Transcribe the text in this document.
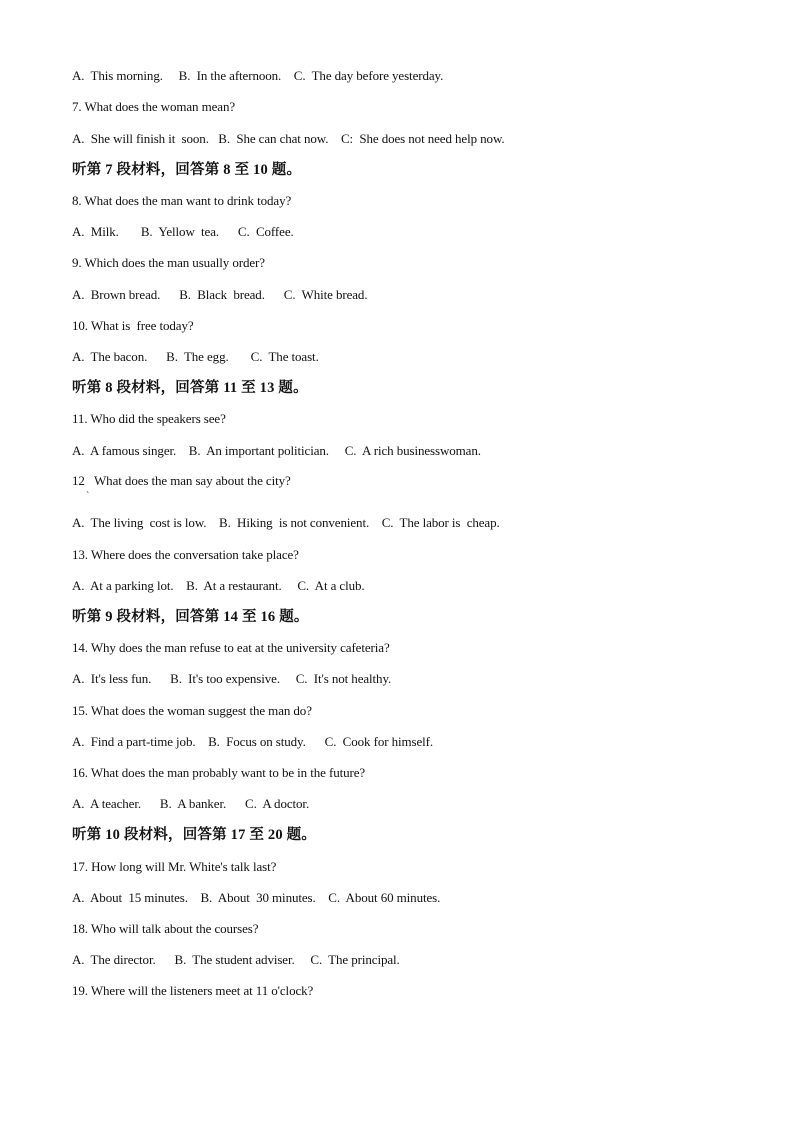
A.  This morning.     B.  In the afternoon.    C.  The day before yesterday.
7. What does the woman mean?
A.  She will finish it  soon.   B.  She can chat now.    C:  She does not need help now.
听第 7 段材料，回答第 8 至 10 题。
8. What does the man want to drink today?
A.  Milk.       B.  Yellow  tea.      C.  Coffee.
9. Which does the man usually order?
A.  Brown bread.      B.  Black  bread.      C.  White bread.
10. What is  free today?
A.  The bacon.      B.  The egg.       C.  The toast.
听第 8 段材料，回答第 11 至 13 题。
11. Who did the speakers see?
A.  A famous singer.    B.  An important politician.     C.  A rich businesswoman.
12   What does the man say about the city?
`
A.  The living  cost is low.    B.  Hiking  is not convenient.    C.  The labor is  cheap.
13. Where does the conversation take place?
A.  At a parking lot.    B.  At a restaurant.     C.  At a club.
听第 9 段材料，回答第 14 至 16 题。
14. Why does the man refuse to eat at the university cafeteria?
A.  It's less fun.      B.  It's too expensive.     C.  It's not healthy.
15. What does the woman suggest the man do?
A.  Find a part-time job.    B.  Focus on study.      C.  Cook for himself.
16. What does the man probably want to be in the future?
A.  A teacher.      B.  A banker.      C.  A doctor.
听第 10 段材料，回答第 17 至 20 题。
17. How long will Mr. White's talk last?
A.  About  15 minutes.    B.  About  30 minutes.    C.  About 60 minutes.
18. Who will talk about the courses?
A.  The director.      B.  The student adviser.     C.  The principal.
19. Where will the listeners meet at 11 o'clock?
